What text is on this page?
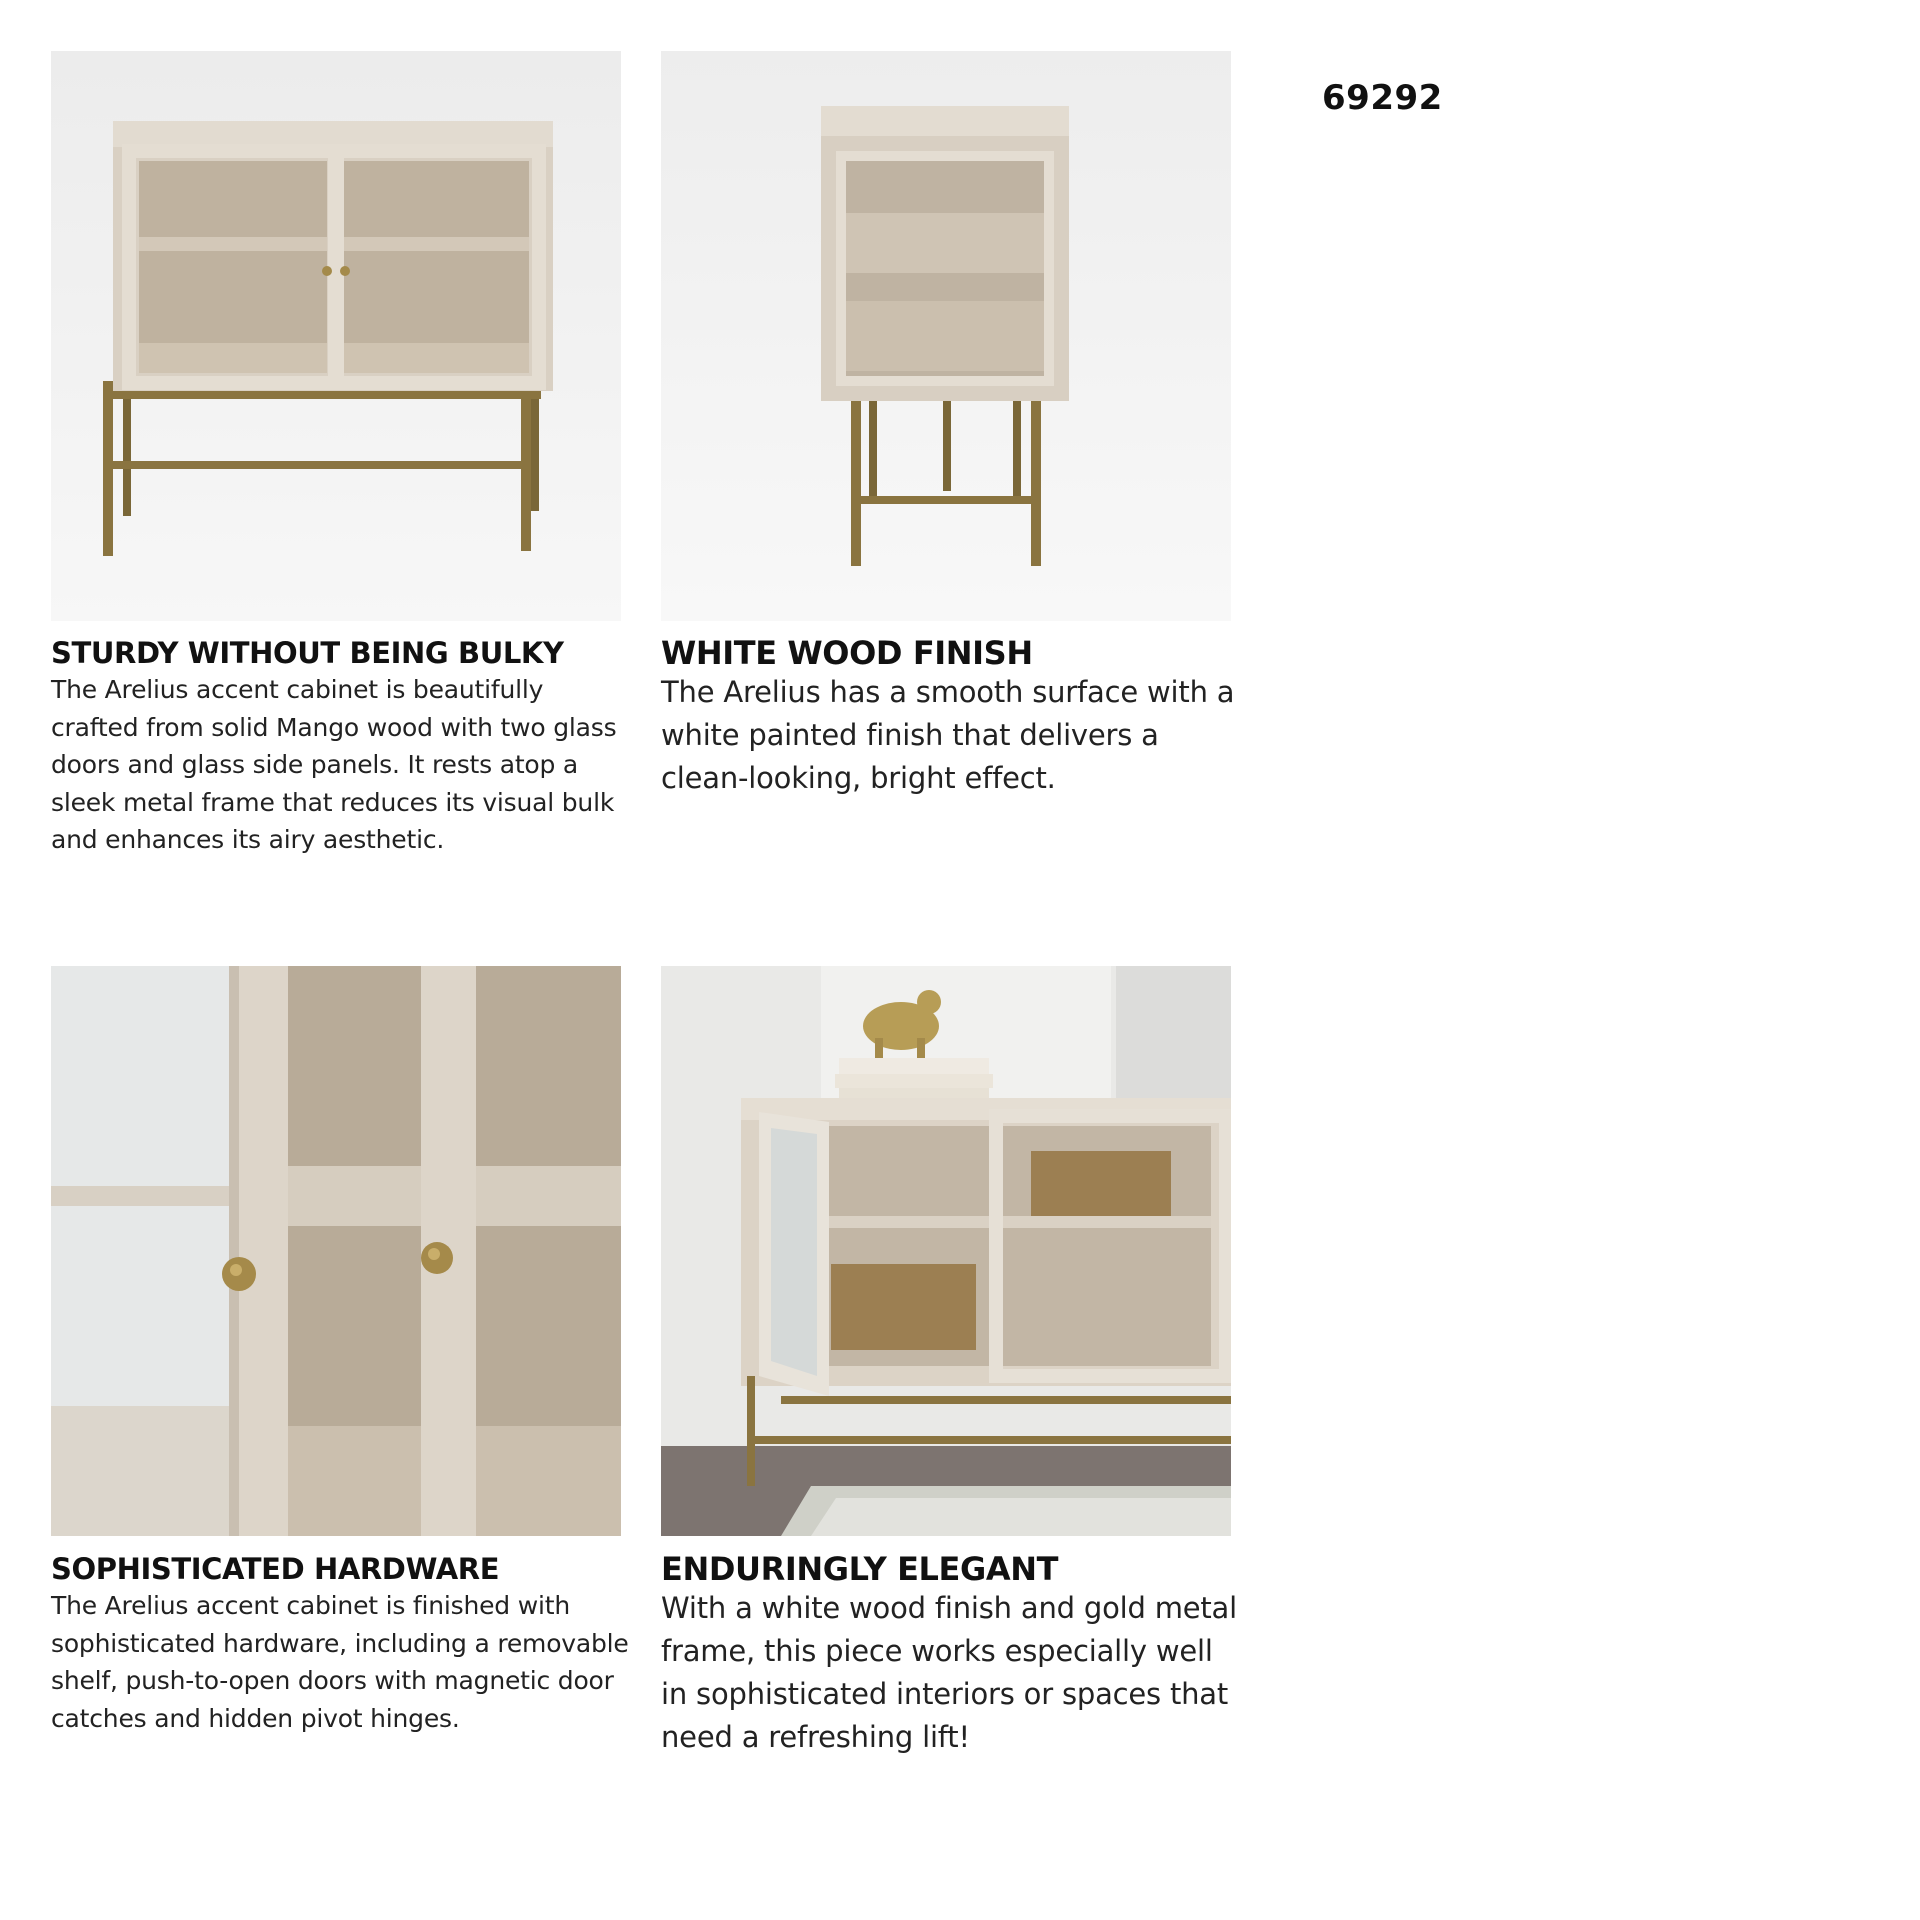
69292
STURDY WITHOUT BEING BULKY
The Arelius accent cabinet is beautifully crafted from solid Mango wood with two glass doors and glass side panels. It rests atop a sleek metal frame that reduces its visual bulk and enhances its airy aesthetic.
WHITE WOOD FINISH
The Arelius has a smooth surface with a white painted finish that delivers a clean-looking, bright effect.
SOPHISTICATED HARDWARE
The Arelius accent cabinet is finished with sophisticated hardware, including a removable shelf, push-to-open doors with magnetic door catches and hidden pivot hinges.
ENDURINGLY ELEGANT
With a white wood finish and gold metal frame, this piece works especially well in sophisticated interiors or spaces that need a refreshing lift!
